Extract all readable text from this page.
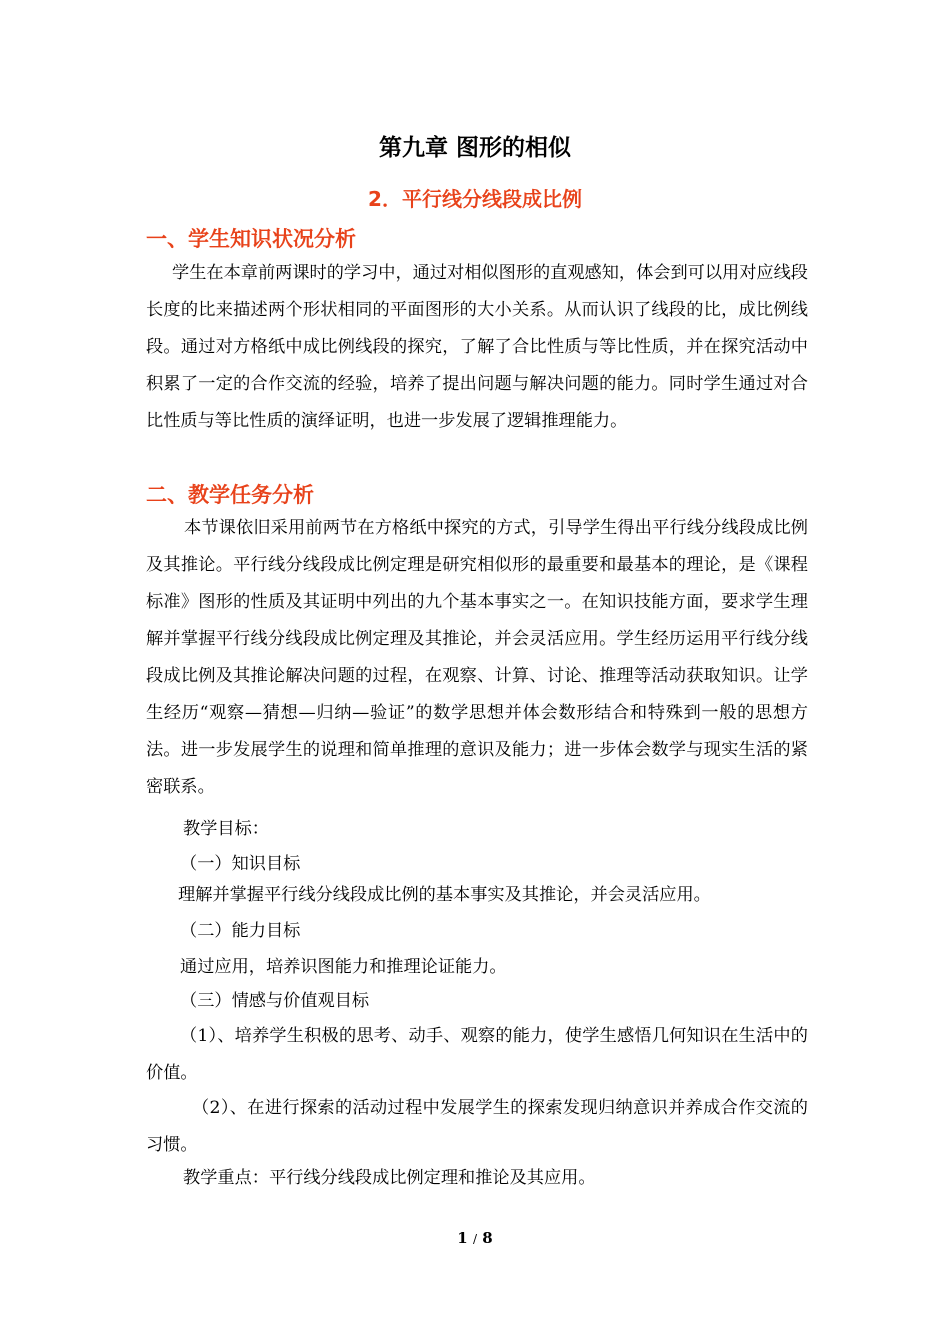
第九章 图形的相似
2．平行线分线段成比例
一、学生知识状况分析
学生在本章前两课时的学习中，通过对相似图形的直观感知，体会到可以用对应线段长度的比来描述两个形状相同的平面图形的大小关系。从而认识了线段的比，成比例线段。通过对方格纸中成比例线段的探究，了解了合比性质与等比性质，并在探究活动中积累了一定的合作交流的经验，培养了提出问题与解决问题的能力。同时学生通过对合比性质与等比性质的演绎证明，也进一步发展了逻辑推理能力。
二、教学任务分析
本节课依旧采用前两节在方格纸中探究的方式，引导学生得出平行线分线段成比例及其推论。平行线分线段成比例定理是研究相似形的最重要和最基本的理论，是《课程标准》图形的性质及其证明中列出的九个基本事实之一。在知识技能方面，要求学生理解并掌握平行线分线段成比例定理及其推论，并会灵活应用。学生经历运用平行线分线段成比例及其推论解决问题的过程，在观察、计算、讨论、推理等活动获取知识。让学生经历“观察—猜想—归纳—验证”的数学思想并体会数形结合和特殊到一般的思想方法。进一步发展学生的说理和简单推理的意识及能力；进一步体会数学与现实生活的紧密联系。
教学目标：
（一）知识目标
理解并掌握平行线分线段成比例的基本事实及其推论，并会灵活应用。
（二）能力目标
通过应用，培养识图能力和推理论证能力。
（三）情感与价值观目标
（1）、培养学生积极的思考、动手、观察的能力，使学生感悟几何知识在生活中的价值。
（2）、在进行探索的活动过程中发展学生的探索发现归纳意识并养成合作交流的习惯。
教学重点：平行线分线段成比例定理和推论及其应用。
1 / 8
